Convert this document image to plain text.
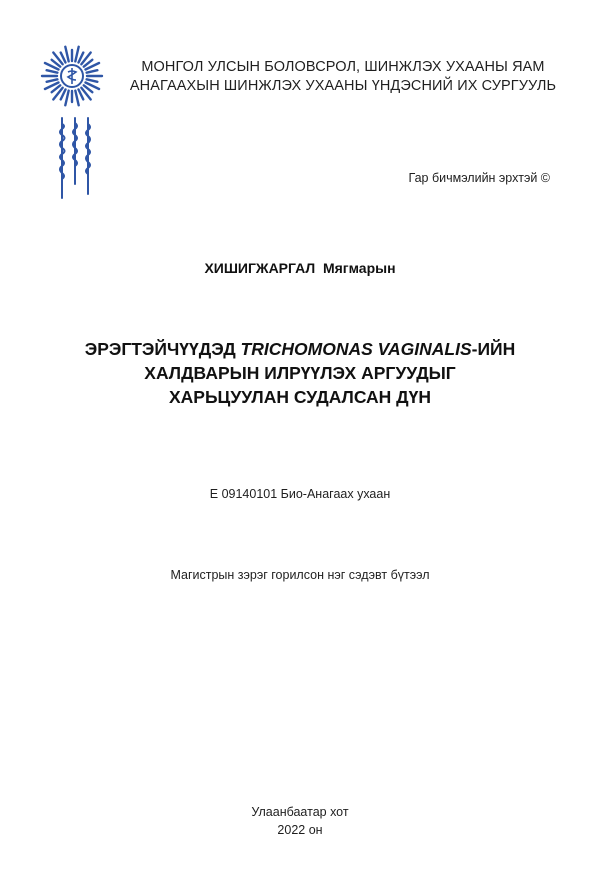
МОНГОЛ УЛСЫН БОЛОВСРОЛ, ШИНЖЛЭХ УХААНЫ ЯАМ
АНАГААХЫН ШИНЖЛЭХ УХААНЫ ҮНДЭСНИЙ ИХ СУРГУУЛЬ
Гар бичмэлийн эрхтэй ©
ХИШИГЖАРГАЛ  Мягмарын
ЭРЭГТЭЙЧҮҮДЭД TRICHOMONAS VAGINALIS-ИЙН
ХАЛДВАРЫН ИЛРҮҮЛЭХ АРГУУДЫГ
ХАРЬЦУУЛАН СУДАЛСАН ДҮН
Е 09140101 Био-Анагаах ухаан
Магистрын зэрэг горилсон нэг сэдэвт бүтээл
Улаанбаатар хот
2022 он
